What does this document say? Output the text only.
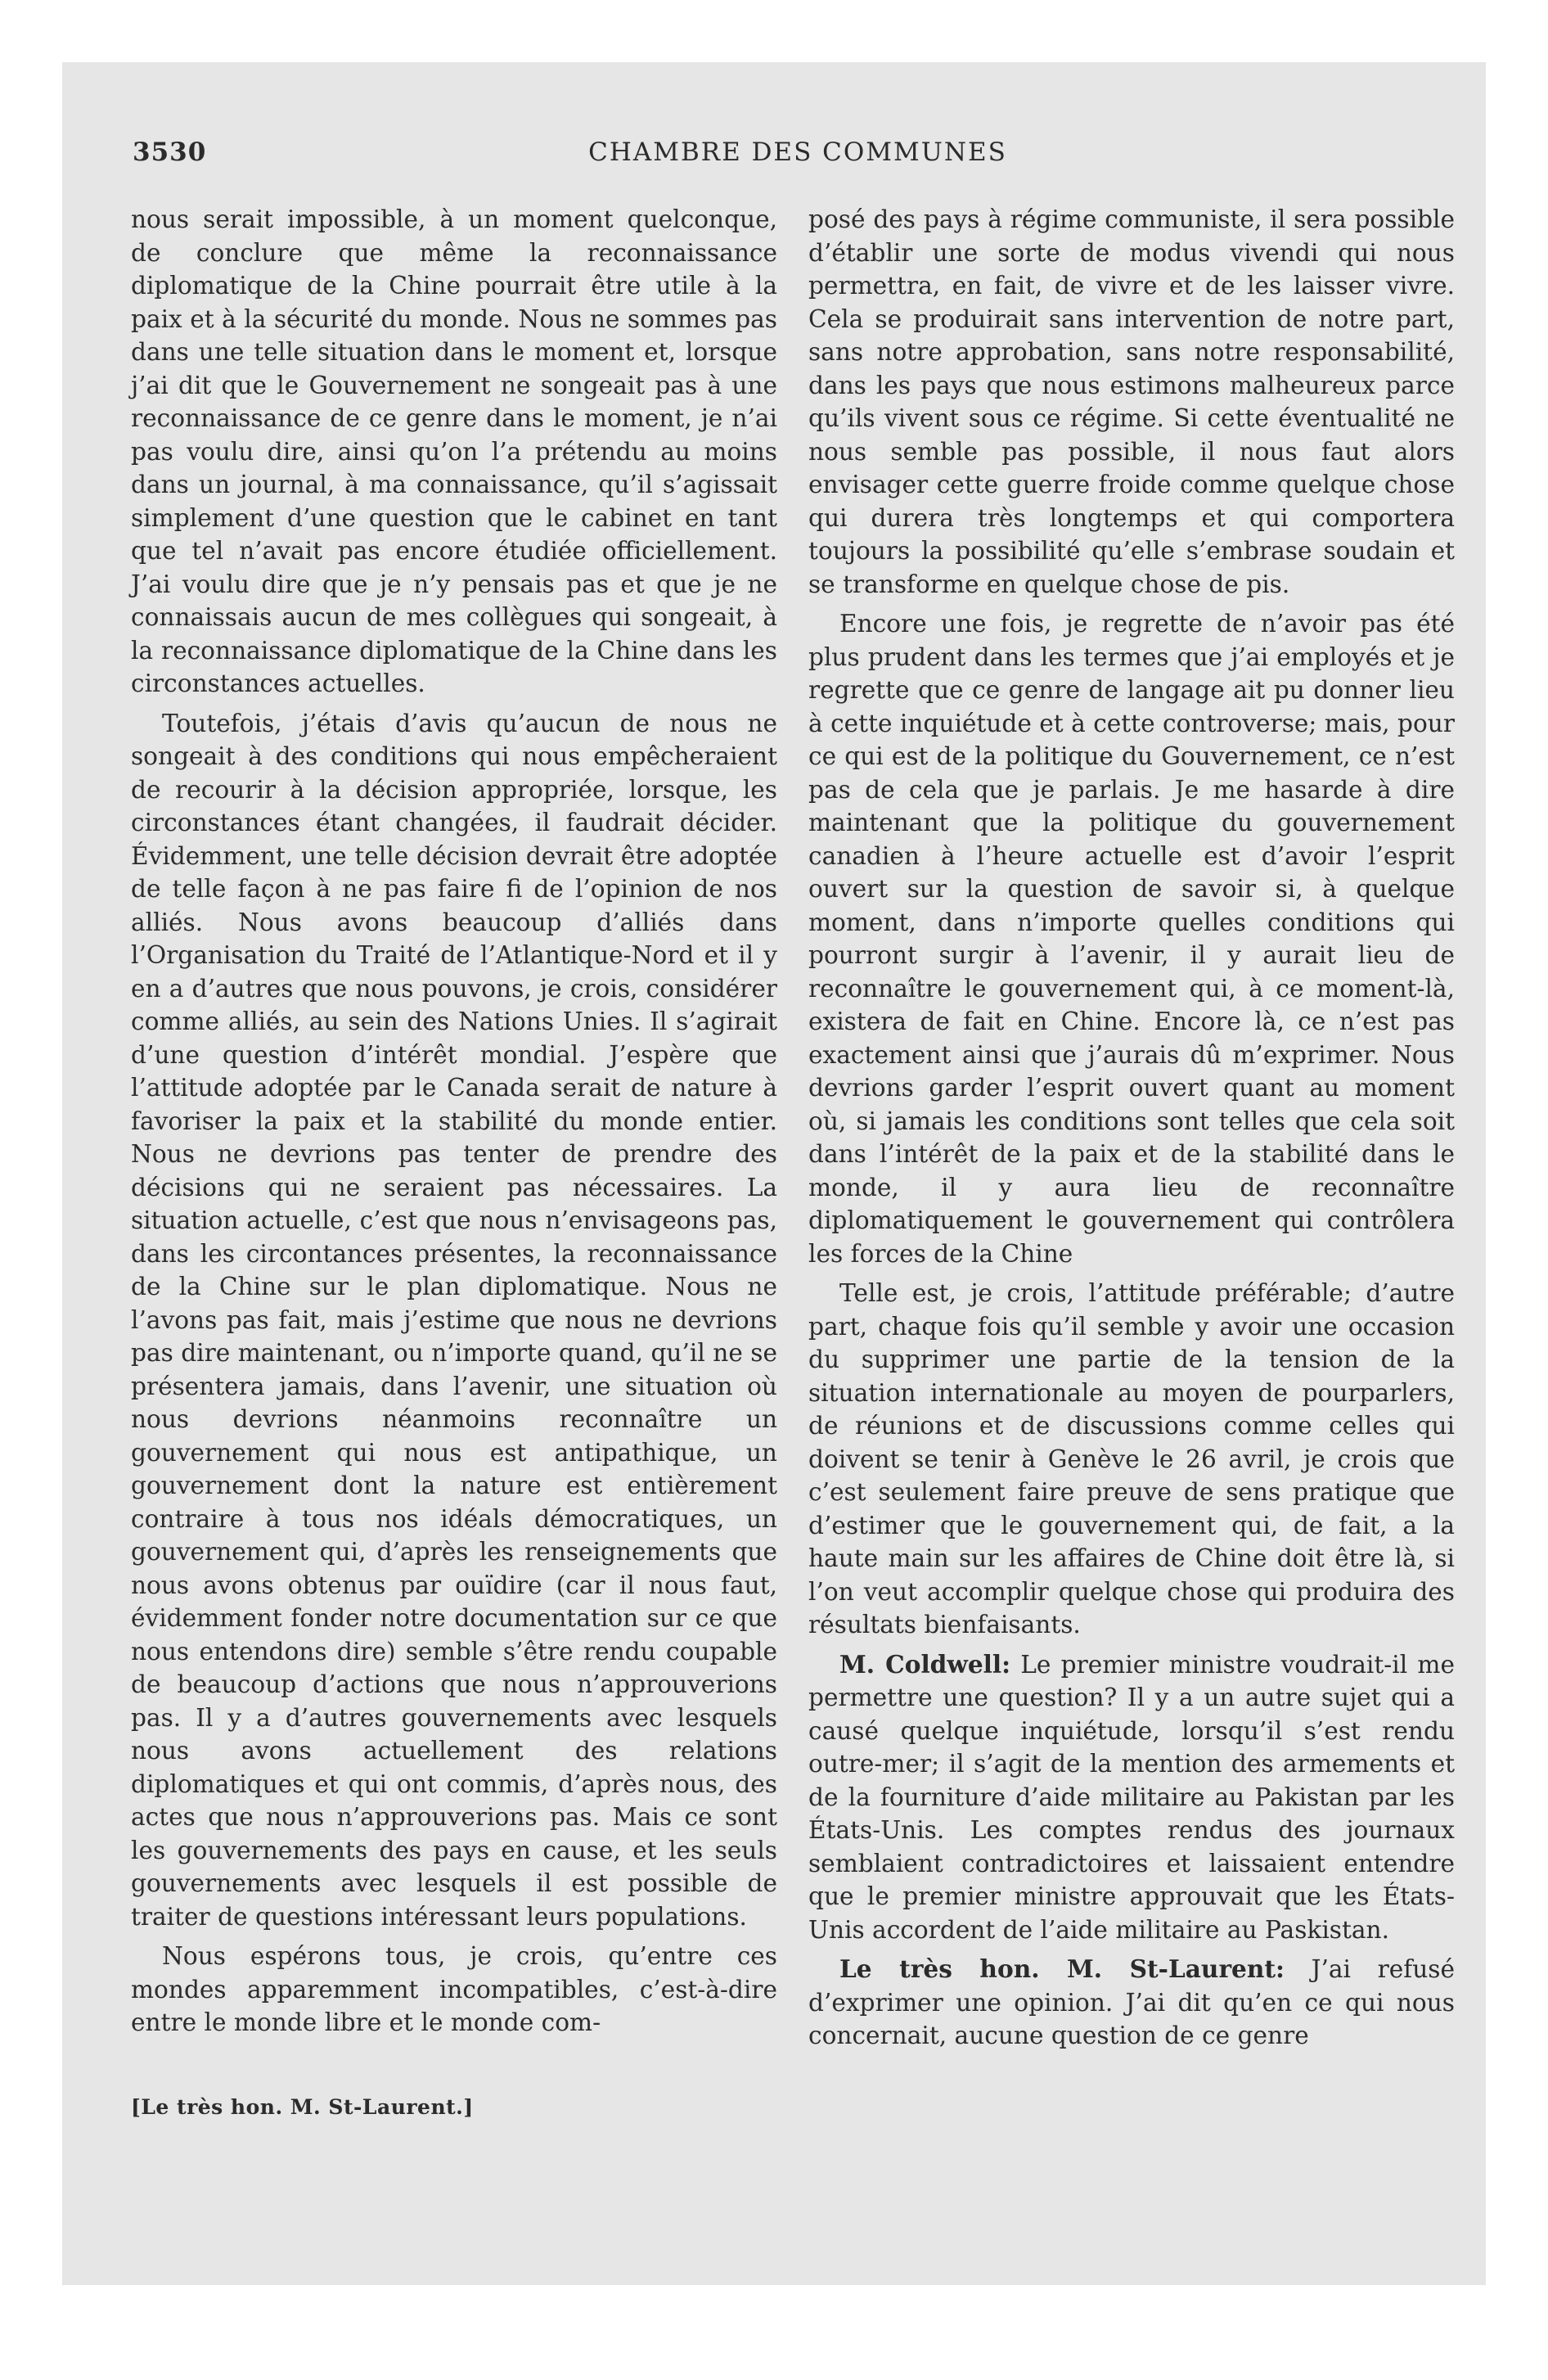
3530	CHAMBRE DES COMMUNES

nous serait impossible, à un moment quelconque, de conclure que même la reconnaissance diplomatique de la Chine pourrait être utile à la paix et à la sécurité du monde. Nous ne sommes pas dans une telle situation dans le moment et, lorsque j’ai dit que le Gouvernement ne songeait pas à une reconnaissance de ce genre dans le moment, je n’ai pas voulu dire, ainsi qu’on l’a prétendu au moins dans un journal, à ma connaissance, qu’il s’agissait simplement d’une question que le cabinet en tant que tel n’avait pas encore étudiée officiellement. J’ai voulu dire que je n’y pensais pas et que je ne connaissais aucun de mes collègues qui songeait, à la reconnaissance diplomatique de la Chine dans les circonstances actuelles.

Toutefois, j’étais d’avis qu’aucun de nous ne songeait à des conditions qui nous empêcheraient de recourir à la décision appropriée, lorsque, les circonstances étant changées, il faudrait décider. Évidemment, une telle décision devrait être adoptée de telle façon à ne pas faire fi de l’opinion de nos alliés. Nous avons beaucoup d’alliés dans l’Organisation du Traité de l’Atlantique-Nord et il y en a d’autres que nous pouvons, je crois, considérer comme alliés, au sein des Nations Unies. Il s’agirait d’une question d’intérêt mondial. J’espère que l’attitude adoptée par le Canada serait de nature à favoriser la paix et la stabilité du monde entier. Nous ne devrions pas tenter de prendre des décisions qui ne seraient pas nécessaires. La situation actuelle, c’est que nous n’envisageons pas, dans les circontances présentes, la reconnaissance de la Chine sur le plan diplomatique. Nous ne l’avons pas fait, mais j’estime que nous ne devrions pas dire maintenant, ou n’importe quand, qu’il ne se présentera jamais, dans l’avenir, une situation où nous devrions néanmoins reconnaître un gouvernement qui nous est antipathique, un gouvernement dont la nature est entièrement contraire à tous nos idéals démocratiques, un gouvernement qui, d’après les renseignements que nous avons obtenus par ouïdire (car il nous faut, évidemment fonder notre documentation sur ce que nous entendons dire) semble s’être rendu coupable de beaucoup d’actions que nous n’approuverions pas. Il y a d’autres gouvernements avec lesquels nous avons actuellement des relations diplomatiques et qui ont commis, d’après nous, des actes que nous n’approuverions pas. Mais ce sont les gouvernements des pays en cause, et les seuls gouvernements avec lesquels il est possible de traiter de questions intéressant leurs populations.

Nous espérons tous, je crois, qu’entre ces mondes apparemment incompatibles, c’est-à-dire entre le monde libre et le monde com-

[Le très hon. M. St-Laurent.]

posé des pays à régime communiste, il sera possible d’établir une sorte de modus vivendi qui nous permettra, en fait, de vivre et de les laisser vivre. Cela se produirait sans intervention de notre part, sans notre approbation, sans notre responsabilité, dans les pays que nous estimons malheureux parce qu’ils vivent sous ce régime. Si cette éventualité ne nous semble pas possible, il nous faut alors envisager cette guerre froide comme quelque chose qui durera très longtemps et qui comportera toujours la possibilité qu’elle s’embrase soudain et se transforme en quelque chose de pis.

Encore une fois, je regrette de n’avoir pas été plus prudent dans les termes que j’ai employés et je regrette que ce genre de langage ait pu donner lieu à cette inquiétude et à cette controverse; mais, pour ce qui est de la politique du Gouvernement, ce n’est pas de cela que je parlais. Je me hasarde à dire maintenant que la politique du gouvernement canadien à l’heure actuelle est d’avoir l’esprit ouvert sur la question de savoir si, à quelque moment, dans n’importe quelles conditions qui pourront surgir à l’avenir, il y aurait lieu de reconnaître le gouvernement qui, à ce moment-là, existera de fait en Chine. Encore là, ce n’est pas exactement ainsi que j’aurais dû m’exprimer. Nous devrions garder l’esprit ouvert quant au moment où, si jamais les conditions sont telles que cela soit dans l’intérêt de la paix et de la stabilité dans le monde, il y aura lieu de reconnaître diplomatiquement le gouvernement qui contrôlera les forces de la Chine

Telle est, je crois, l’attitude préférable; d’autre part, chaque fois qu’il semble y avoir une occasion du supprimer une partie de la tension de la situation internationale au moyen de pourparlers, de réunions et de discussions comme celles qui doivent se tenir à Genève le 26 avril, je crois que c’est seulement faire preuve de sens pratique que d’estimer que le gouvernement qui, de fait, a la haute main sur les affaires de Chine doit être là, si l’on veut accomplir quelque chose qui produira des résultats bienfaisants.

M. Coldwell: Le premier ministre voudrait-il me permettre une question? Il y a un autre sujet qui a causé quelque inquiétude, lorsqu’il s’est rendu outre-mer; il s’agit de la mention des armements et de la fourniture d’aide militaire au Pakistan par les États-Unis. Les comptes rendus des journaux semblaient contradictoires et laissaient entendre que le premier ministre approuvait que les États-Unis accordent de l’aide militaire au Paskistan.

Le très hon. M. St-Laurent: J’ai refusé d’exprimer une opinion. J’ai dit qu’en ce qui nous concernait, aucune question de ce genre
